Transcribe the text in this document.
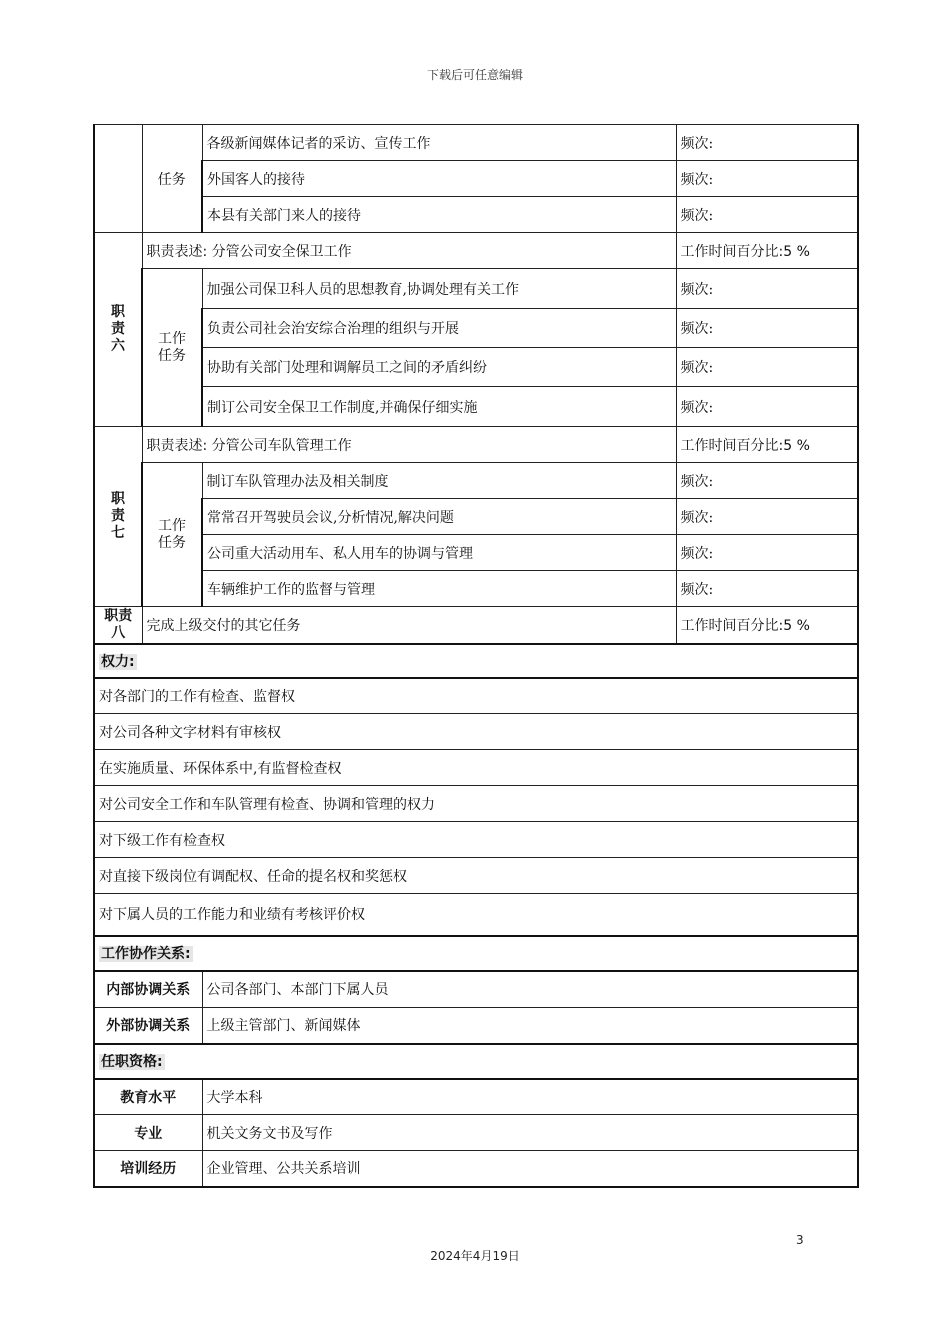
下载后可任意编辑
	任务	各级新闻媒体记者的采访、宣传工作	频次:
		外国客人的接待	频次:
		本县有关部门来人的接待	频次:

职责六	职责表述: 分管公司安全保卫工作		工作时间百分比:5 %

	工作任务	加强公司保卫科人员的思想教育,协调处理有关工作	频次:
		负责公司社会治安综合治理的组织与开展	频次:
		协助有关部门处理和调解员工之间的矛盾纠纷	频次:
		制订公司安全保卫工作制度,并确保仔细实施	频次:

职责七	职责表述: 分管公司车队管理工作		工作时间百分比:5 %

	工作任务	制订车队管理办法及相关制度	频次:
		常常召开驾驶员会议,分析情况,解决问题	频次:
		公司重大活动用车、私人用车的协调与管理	频次:
		车辆维护工作的监督与管理	频次:

职责八	完成上级交付的其它任务		工作时间百分比:5 %
权力:			
对各部门的工作有检查、监督权			
对公司各种文字材料有审核权			
在实施质量、环保体系中,有监督检查权			
对公司安全工作和车队管理有检查、协调和管理的权力			
对下级工作有检查权			
对直接下级岗位有调配权、任命的提名权和奖惩权			
对下属人员的工作能力和业绩有考核评价权			
工作协作关系:			
内部协调关系		公司各部门、本部门下属人员	
外部协调关系		上级主管部门、新闻媒体	
任职资格:			
教育水平		大学本科	
专业		机关文务文书及写作	
培训经历		企业管理、公共关系培训	
3
2024年4月19日
